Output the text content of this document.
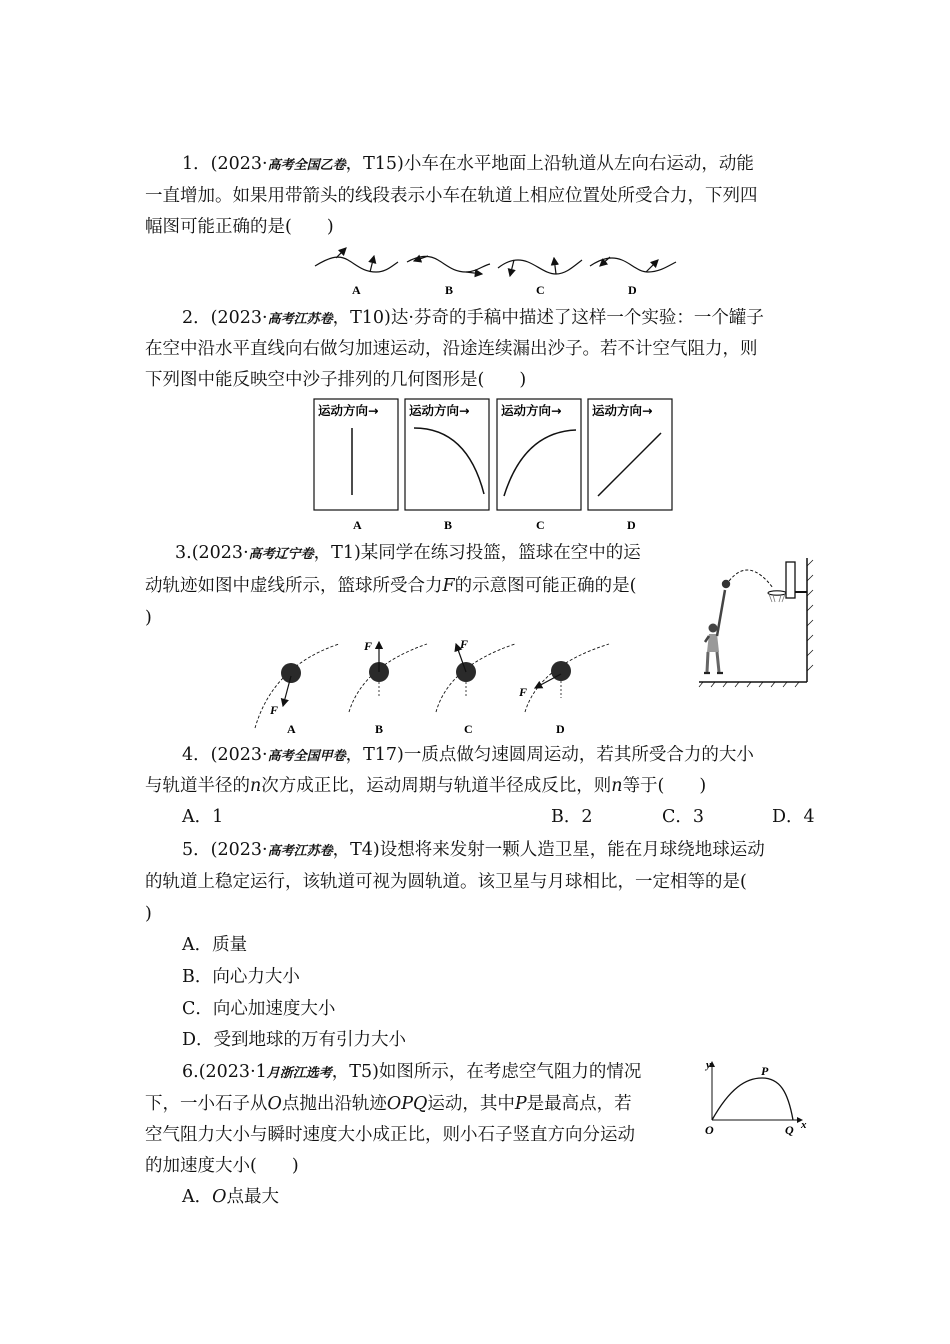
1．(2023·高考全国乙卷，T15)小车在水平地面上沿轨道从左向右运动，动能
一直增加。如果用带箭头的线段表示小车在轨道上相应位置处所受合力，下列四
幅图可能正确的是(　　)
A	B	C	D
2．(2023·高考江苏卷，T10)达·芬奇的手稿中描述了这样一个实验：一个罐子
在空中沿水平直线向右做匀加速运动，沿途连续漏出沙子。若不计空气阻力，则
下列图中能反映空中沙子排列的几何图形是(　　)
运动方向→ 运动方向→	运动方向→ 运动方向→
A	B	C	D
3.(2023·高考辽宁卷，T1)某同学在练习投篮，篮球在空中的运
动轨迹如图中虚线所示，篮球所受合力F的示意图可能正确的是(
)
F
F	F
F
A	B	C	D
4．(2023·高考全国甲卷，T17)一质点做匀速圆周运动，若其所受合力的大小
与轨道半径的n次方成正比，运动周期与轨道半径成反比，则n等于(　　)
A．1	B．2	C．3	D．4
5．(2023·高考江苏卷，T4)设想将来发射一颗人造卫星，能在月球绕地球运动
的轨道上稳定运行，该轨道可视为圆轨道。该卫星与月球相比，一定相等的是(
)
A．质量
B．向心力大小
C．向心加速度大小
D．受到地球的万有引力大小
6.(2023·1月浙江选考，T5)如图所示，在考虑空气阻力的情况
下，一小石子从O点抛出沿轨迹OPQ运动，其中P是最高点，若
空气阻力大小与瞬时速度大小成正比，则小石子竖直方向分运动
的加速度大小(　　)
A．O点最大
y
x
O
P
Q
